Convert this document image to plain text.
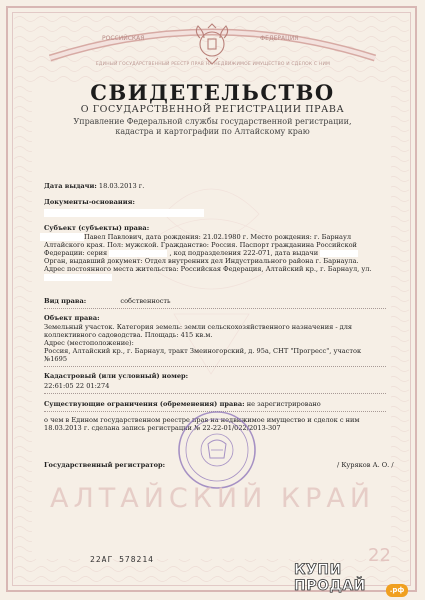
РОССИЙСКАЯ	ФЕДЕРАЦИЯ
ЕДИНЫЙ ГОСУДАРСТВЕННЫЙ РЕЕСТР ПРАВ НА НЕДВИЖИМОЕ ИМУЩЕСТВО И СДЕЛОК С НИМ
СВИДЕТЕЛЬСТВО
О ГОСУДАРСТВЕННОЙ РЕГИСТРАЦИИ ПРАВА
Управление Федеральной службы государственной регистрации,
кадастра и картографии по Алтайскому краю
Дата выдачи: 18.03.2013 г.
Документы-основания:
Субъект (субъекты) права:
Павел Павлович, дата рождения: 21.02.1980 г. Место рождения: г. Барнаул
Алтайского края. Пол: мужской. Гражданство: Россия. Паспорт гражданина Российской
Федерации: серия	, код подразделения 222-071, дата выдачи
Орган, выдавший документ: Отдел внутренних дел Индустриального района г. Барнаула.
Адрес постоянного места жительства: Российская Федерация, Алтайский кр., г. Барнаул, ул.
Вид права:	собственность
Объект права:
Земельный участок. Категория земель: земли сельскохозяйственного назначения - для
коллективного садоводства. Площадь: 415 кв.м.
Адрес (местоположение):
Россия, Алтайский кр., г. Барнаул, тракт Змеиногорский, д. 95а, СНТ "Прогресс", участок
№1695
Кадастровый (или условный) номер:
22:61:05 22 01:274
Существующие ограничения (обременения) права: не зарегистрировано
о чем в Едином государственном реестре прав на недвижимое имущество и сделок с ним
18.03.2013 г. сделана запись регистрации № 22-22-01/022/2013-307
Государственный регистратор:	/ Куряков А. О. /
АЛТАЙСКИЙ КРАЙ
22АГ 578214	22
КУПИ
ПРОДАЙ	.рф
